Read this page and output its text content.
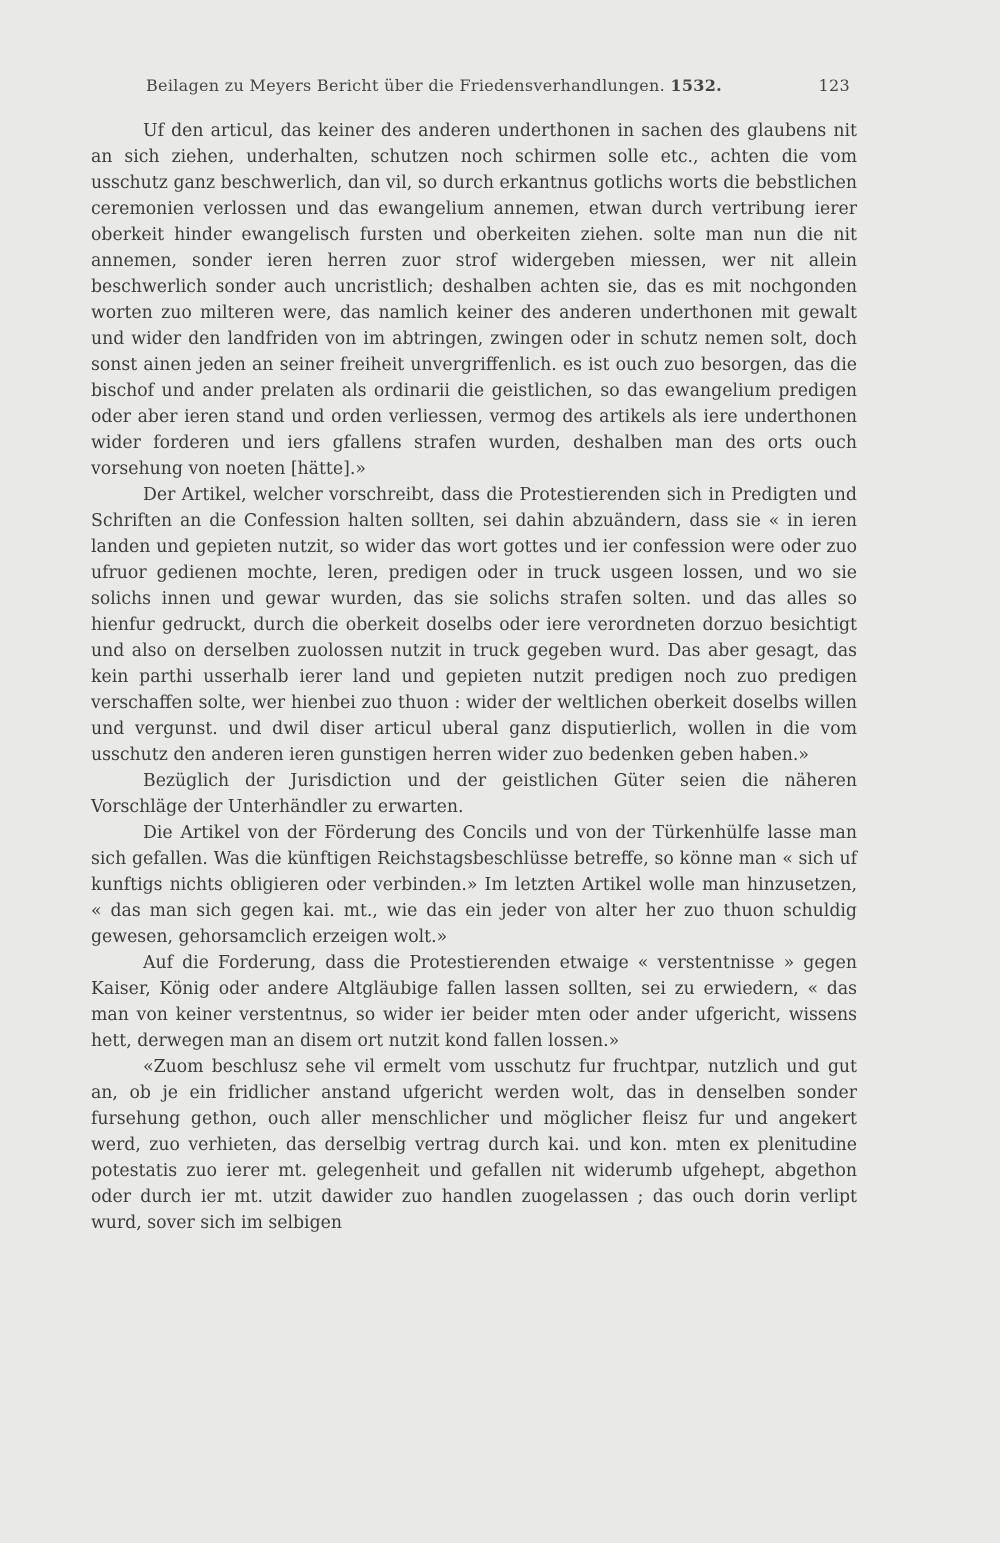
Beilagen zu Meyers Bericht über die Friedensverhandlungen. 1532.	123

Uf den articul, das keiner des anderen underthonen in sachen des glaubens nit an sich ziehen, underhalten, schutzen noch schirmen solle etc., achten die vom usschutz ganz beschwerlich, dan vil, so durch erkantnus gotlichs worts die bebstlichen ceremonien verlossen und das ewangelium annemen, etwan durch vertribung ierer oberkeit hinder ewangelisch fursten und oberkeiten ziehen. solte man nun die nit annemen, sonder ieren herren zuor strof widergeben miessen, wer nit allein beschwerlich sonder auch uncristlich; deshalben achten sie, das es mit nochgonden worten zuo milteren were, das namlich keiner des anderen underthonen mit gewalt und wider den landfriden von im abtringen, zwingen oder in schutz nemen solt, doch sonst ainen jeden an seiner freiheit unvergriffenlich. es ist ouch zuo besorgen, das die bischof und ander prelaten als ordinarii die geistlichen, so das ewangelium predigen oder aber ieren stand und orden verliessen, vermog des artikels als iere underthonen wider forderen und iers gfallens strafen wurden, deshalben man des orts ouch vorsehung von noeten [hätte].»

Der Artikel, welcher vorschreibt, dass die Protestierenden sich in Predigten und Schriften an die Confession halten sollten, sei dahin abzuändern, dass sie « in ieren landen und gepieten nutzit, so wider das wort gottes und ier confession were oder zuo ufruor gedienen mochte, leren, predigen oder in truck usgeen lossen, und wo sie solichs innen und gewar wurden, das sie solichs strafen solten. und das alles so hienfur gedruckt, durch die oberkeit doselbs oder iere verordneten dorzuo besichtigt und also on derselben zuolossen nutzit in truck gegeben wurd. Das aber gesagt, das kein parthi usserhalb ierer land und gepieten nutzit predigen noch zuo predigen verschaffen solte, wer hienbei zuo thuon : wider der weltlichen oberkeit doselbs willen und vergunst. und dwil diser articul uberal ganz disputierlich, wollen in die vom usschutz den anderen ieren gunstigen herren wider zuo bedenken geben haben.»

Bezüglich der Jurisdiction und der geistlichen Güter seien die näheren Vorschläge der Unterhändler zu erwarten.

Die Artikel von der Förderung des Concils und von der Türkenhülfe lasse man sich gefallen. Was die künftigen Reichstagsbeschlüsse betreffe, so könne man « sich uf kunftigs nichts obligieren oder verbinden.» Im letzten Artikel wolle man hinzusetzen, « das man sich gegen kai. mt., wie das ein jeder von alter her zuo thuon schuldig gewesen, gehorsamclich erzeigen wolt.»

Auf die Forderung, dass die Protestierenden etwaige « verstentnisse » gegen Kaiser, König oder andere Altgläubige fallen lassen sollten, sei zu erwiedern, « das man von keiner verstentnus, so wider ier beider mten oder ander ufgericht, wissens hett, derwegen man an disem ort nutzit kond fallen lossen.»

«Zuom beschlusz sehe vil ermelt vom usschutz fur fruchtpar, nutzlich und gut an, ob je ein fridlicher anstand ufgericht werden wolt, das in denselben sonder fursehung gethon, ouch aller menschlicher und möglicher fleisz fur und angekert werd, zuo verhieten, das derselbig vertrag durch kai. und kon. mten ex plenitudine potestatis zuo ierer mt. gelegenheit und gefallen nit widerumb ufgehept, abgethon oder durch ier mt. utzit dawider zuo handlen zuogelassen ; das ouch dorin verlipt wurd, sover sich im selbigen
